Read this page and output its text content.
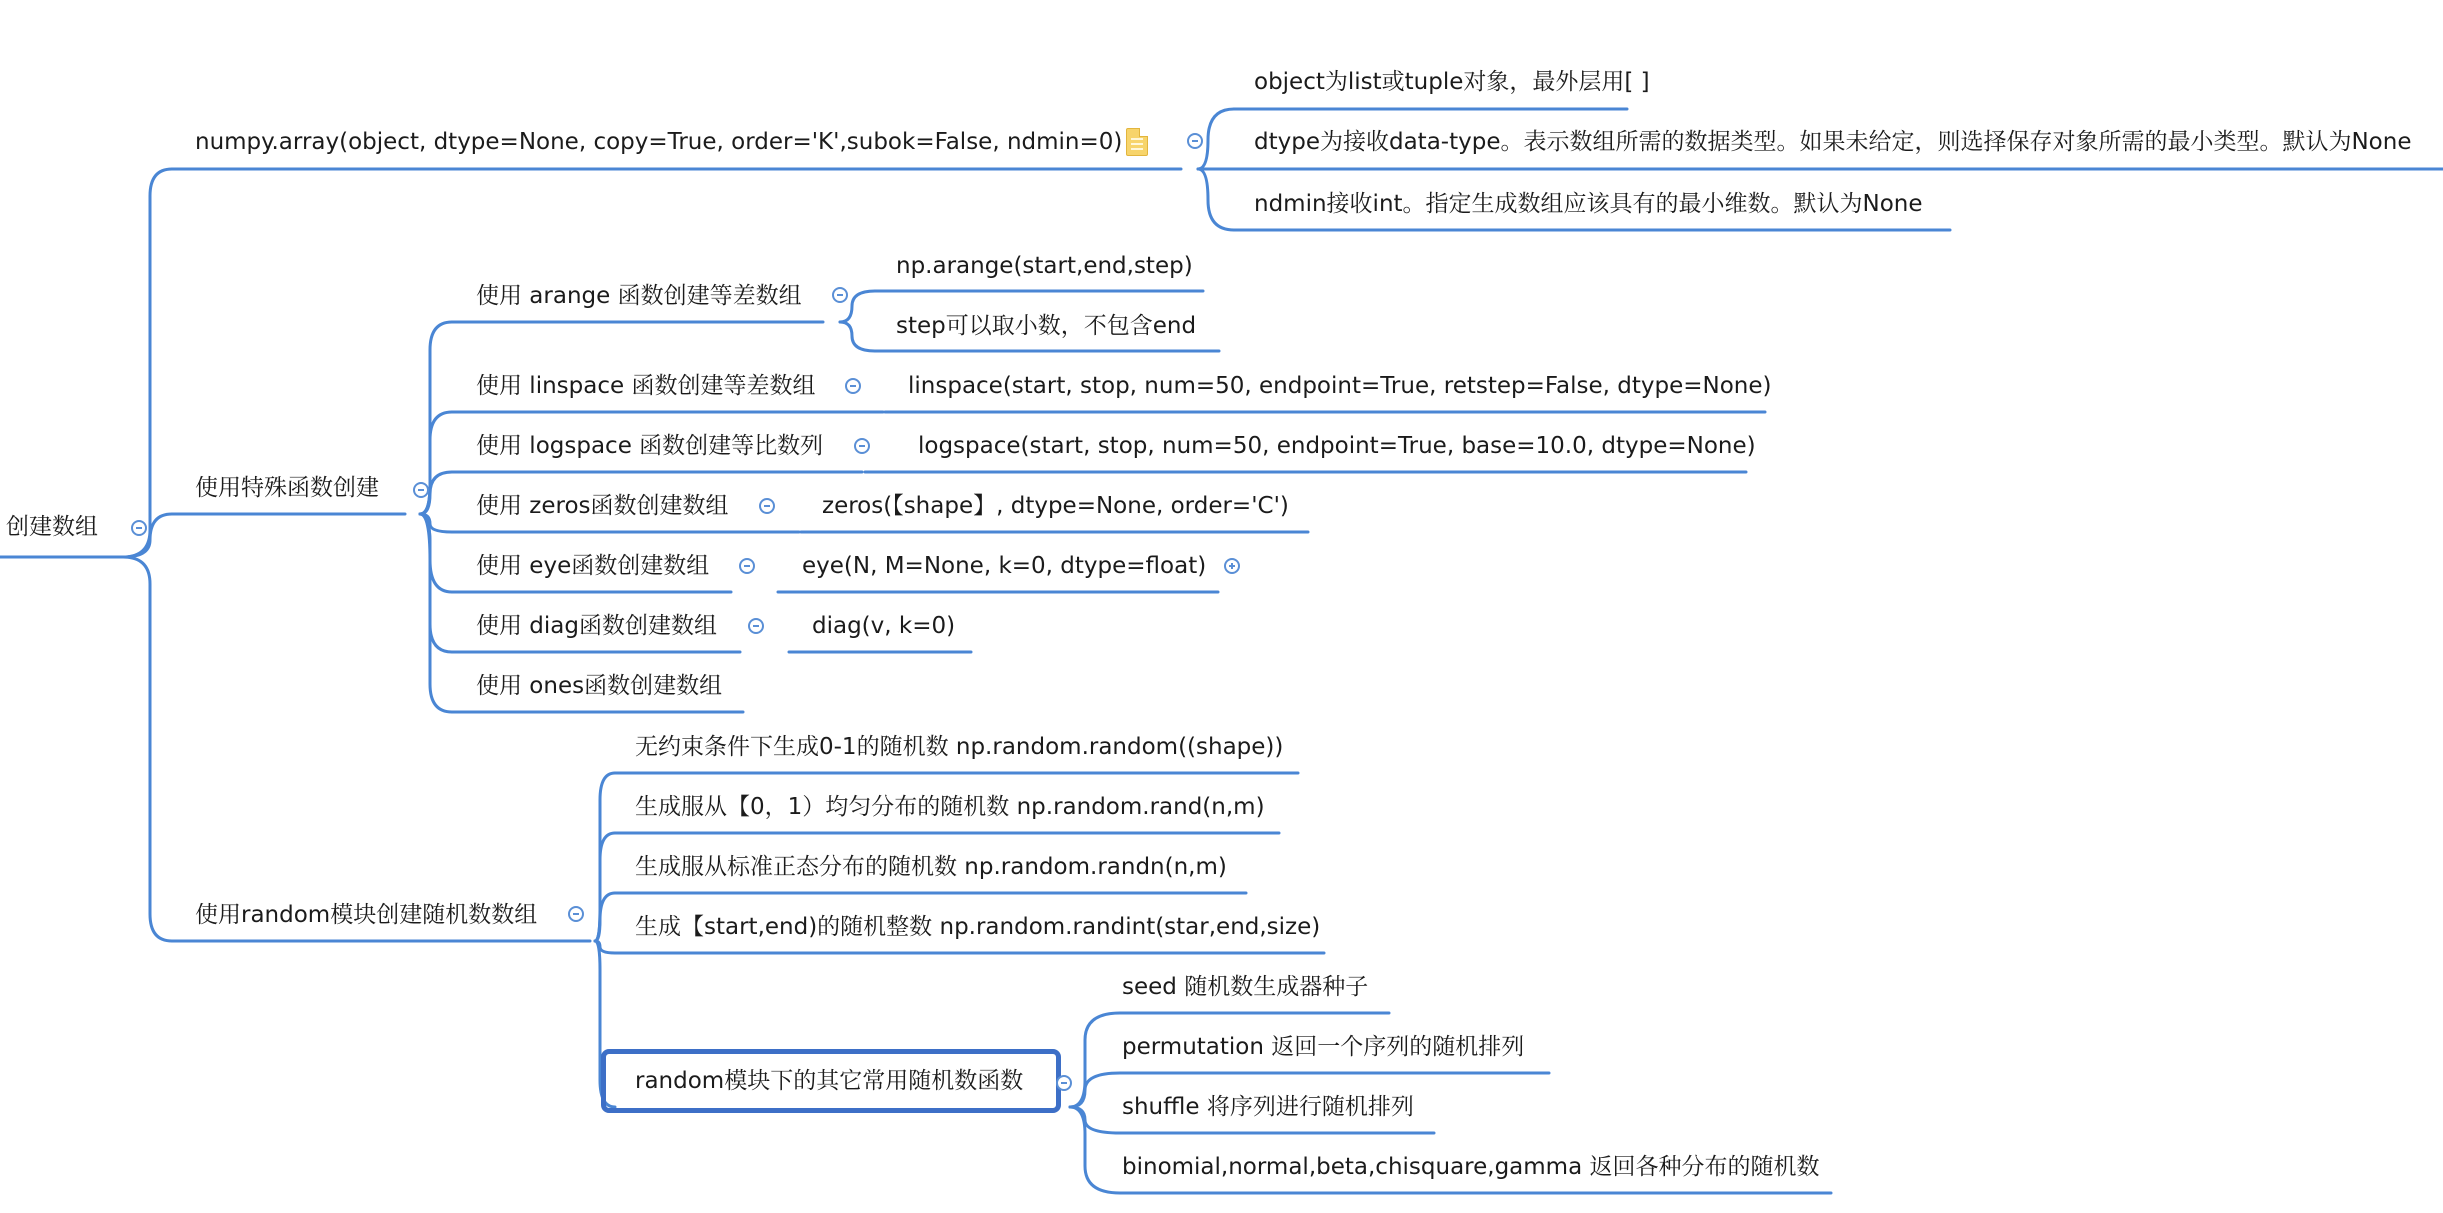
创建数组
numpy.array(object, dtype=None, copy=True, order='K',subok=False, ndmin=0)
object为list或tuple对象，最外层用[ ]
dtype为接收data-type。表示数组所需的数据类型。如果未给定，则选择保存对象所需的最小类型。默认为None
ndmin接收int。指定生成数组应该具有的最小维数。默认为None
使用特殊函数创建
使用 arange 函数创建等差数组
np.arange(start,end,step)
step可以取小数，不包含end
使用 linspace 函数创建等差数组	linspace(start, stop, num=50, endpoint=True, retstep=False, dtype=None)
使用 logspace 函数创建等比数列	logspace(start, stop, num=50, endpoint=True, base=10.0, dtype=None)
使用 zeros函数创建数组	zeros(【shape】, dtype=None, order='C')
使用 eye函数创建数组	eye(N, M=None, k=0, dtype=float)
使用 diag函数创建数组	diag(v, k=0)
使用 ones函数创建数组
使用random模块创建随机数数组
无约束条件下生成0-1的随机数 np.random.random((shape))
生成服从【0，1）均匀分布的随机数 np.random.rand(n,m)
生成服从标准正态分布的随机数 np.random.randn(n,m)
生成【start,end)的随机整数 np.random.randint(star,end,size)
random模块下的其它常用随机数函数
seed 随机数生成器种子
permutation 返回一个序列的随机排列
shuffle 将序列进行随机排列
binomial,normal,beta,chisquare,gamma 返回各种分布的随机数
